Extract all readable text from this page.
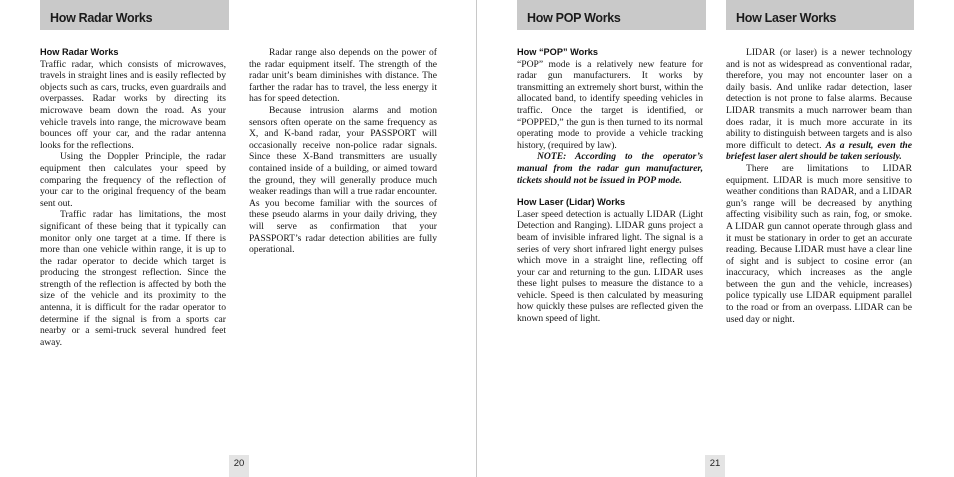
How Radar Works

How Radar Works

Traffic radar, which consists of microwaves, travels in straight lines and is easily reflected by objects such as cars, trucks, even guardrails and overpasses. Radar works by directing its microwave beam down the road. As your vehicle travels into range, the microwave beam bounces off your car, and the radar antenna looks for the reflections.

Using the Doppler Principle, the radar equipment then calculates your speed by comparing the frequency of the reflection of your car to the original frequency of the beam sent out.

Traffic radar has limitations, the most significant of these being that it typically can monitor only one target at a time. If there is more than one vehicle within range, it is up to the radar operator to decide which target is producing the strongest reflection. Since the strength of the reflection is affected by both the size of the vehicle and its proximity to the antenna, it is difficult for the radar operator to determine if the signal is from a sports car nearby or a semi-truck several hundred feet away.

Radar range also depends on the power of the radar equipment itself. The strength of the radar unit’s beam diminishes with distance. The farther the radar has to travel, the less energy it has for speed detection.

Because intrusion alarms and motion sensors often operate on the same frequency as X, and K-band radar, your PASSPORT will occasionally receive non-police radar signals. Since these X-Band transmitters are usually contained inside of a building, or aimed toward the ground, they will generally produce much weaker readings than will a true radar encounter. As you become familiar with the sources of these pseudo alarms in your daily driving, they will serve as confirmation that your PASSPORT’s radar detection abilities are fully operational.

20
How POP Works	How Laser Works

How “POP” Works

“POP” mode is a relatively new feature for radar gun manufacturers. It works by transmitting an extremely short burst, within the allocated band, to identify speeding vehicles in traffic. Once the target is identified, or “POPPED,” the gun is then turned to its normal operating mode to provide a vehicle tracking history, (required by law).

NOTE: According to the operator’s manual from the radar gun manufacturer, tickets should not be issued in POP mode.

How Laser (Lidar) Works

Laser speed detection is actually LIDAR (Light Detection and Ranging). LIDAR guns project a beam of invisible infrared light. The signal is a series of very short infrared light energy pulses which move in a straight line, reflecting off your car and returning to the gun. LIDAR uses these light pulses to measure the distance to a vehicle. Speed is then calculated by measuring how quickly these pulses are reflected given the known speed of light.

LIDAR (or laser) is a newer technology and is not as widespread as conventional radar, therefore, you may not encounter laser on a daily basis. And unlike radar detection, laser detection is not prone to false alarms. Because LIDAR transmits a much narrower beam than does radar, it is much more accurate in its ability to distinguish between targets and is also more difficult to detect. As a result, even the briefest laser alert should be taken seriously.

There are limitations to LIDAR equipment. LIDAR is much more sensitive to weather conditions than RADAR, and a LIDAR gun’s range will be decreased by anything affecting visibility such as rain, fog, or smoke. A LIDAR gun cannot operate through glass and it must be stationary in order to get an accurate reading. Because LIDAR must have a clear line of sight and is subject to cosine error (an inaccuracy, which increases as the angle between the gun and the vehicle, increases) police typically use LIDAR equipment parallel to the road or from an overpass. LIDAR can be used day or night.

21
